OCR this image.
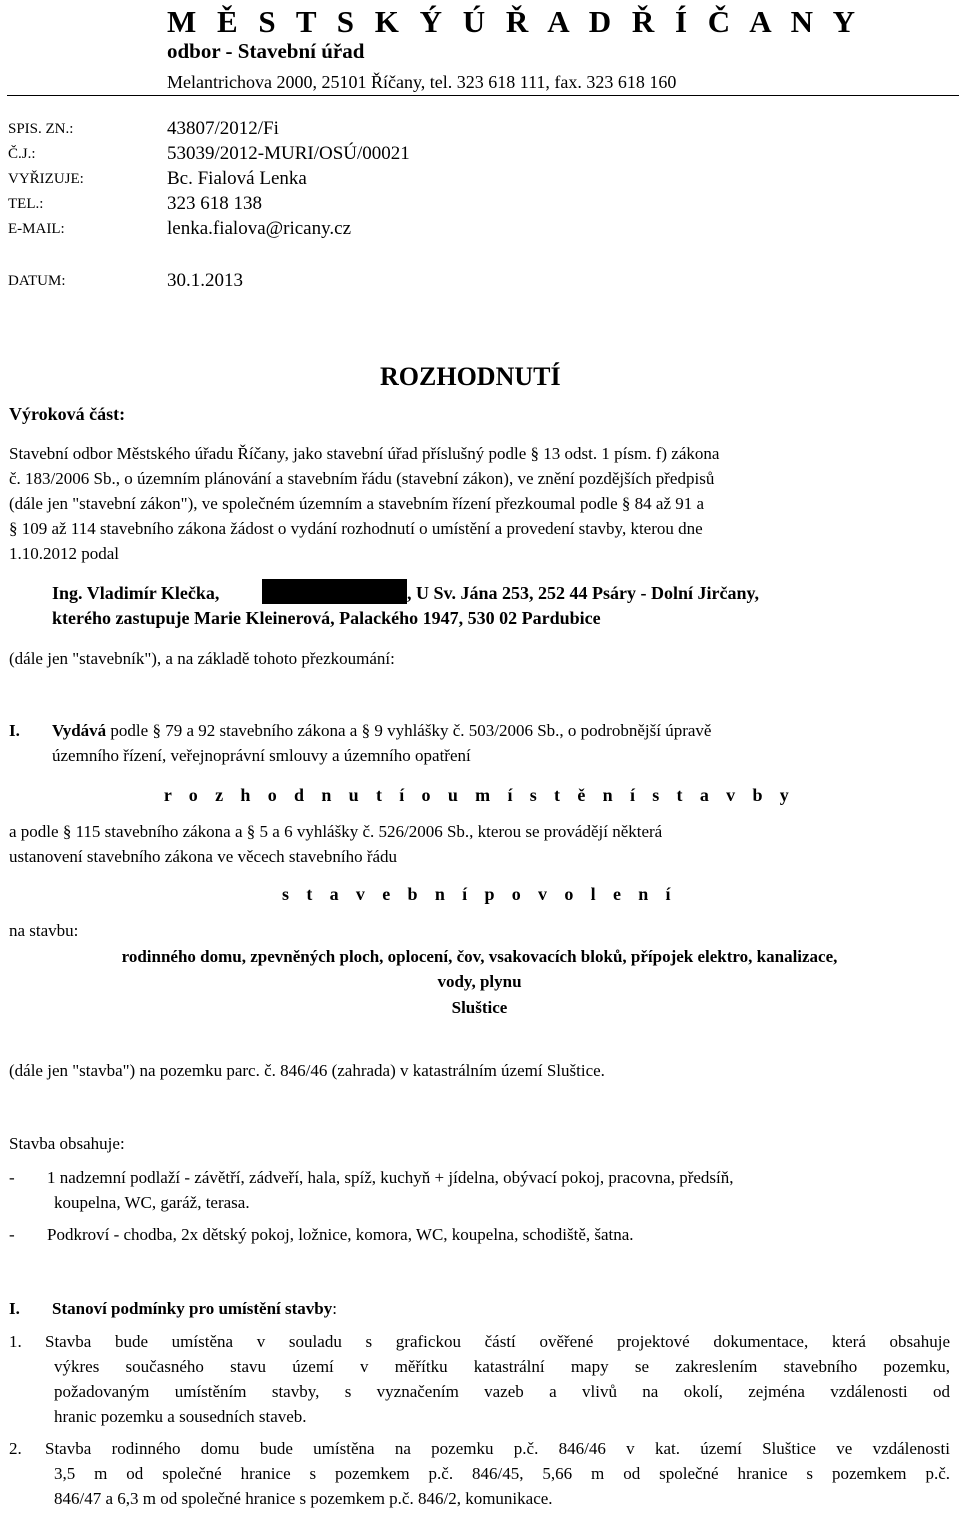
M Ě S T S K Ý Ú Ř A D Ř Í Č A N Y
odbor - Stavební úřad
Melantrichova 2000, 25101 Říčany, tel. 323 618 111, fax. 323 618 160
SPIS. ZN.:	43807/2012/Fi
Č.J.:	53039/2012-MURI/OSÚ/00021
VYŘIZUJE:	Bc. Fialová Lenka
TEL.:	323 618 138
E-MAIL:	lenka.fialova@ricany.cz
DATUM:	30.1.2013
ROZHODNUTÍ
Výroková část:
Stavební odbor Městského úřadu Říčany, jako stavební úřad příslušný podle § 13 odst. 1 písm. f) zákona
č. 183/2006 Sb., o územním plánování a stavebním řádu (stavební zákon), ve znění pozdějších předpisů
(dále jen "stavební zákon"), ve společném územním a stavebním řízení přezkoumal podle § 84 až 91 a
§ 109 až 114 stavebního zákona žádost o vydání rozhodnutí o umístění a provedení stavby, kterou dne
1.10.2012 podal
Ing. Vladimír Klečka,	, U Sv. Jána 253, 252 44 Psáry - Dolní Jirčany,
kterého zastupuje Marie Kleinerová, Palackého 1947, 530 02 Pardubice
(dále jen "stavebník"), a na základě tohoto přezkoumání:
I. Vydává podle § 79 a 92 stavebního zákona a § 9 vyhlášky č. 503/2006 Sb., o podrobnější úpravě
územního řízení, veřejnoprávní smlouvy a územního opatření
r o z h o d n u t í o u m í s t ě n í s t a v b y
a podle § 115 stavebního zákona a § 5 a 6 vyhlášky č. 526/2006 Sb., kterou se provádějí některá
ustanovení stavebního zákona ve věcech stavebního řádu
s t a v e b n í p o v o l e n í
na stavbu:
rodinného domu, zpevněných ploch, oplocení, čov, vsakovacích bloků, přípojek elektro, kanalizace,
vody, plynu
Sluštice
(dále jen "stavba") na pozemku parc. č. 846/46 (zahrada) v katastrálním území Sluštice.
Stavba obsahuje:
- 1 nadzemní podlaží - závětří, zádveří, hala, spíž, kuchyň + jídelna, obývací pokoj, pracovna, předsíň,
koupelna, WC, garáž, terasa.
- Podkroví - chodba, 2x dětský pokoj, ložnice, komora, WC, koupelna, schodiště, šatna.
I. Stanoví podmínky pro umístění stavby:
1. Stavba bude umístěna v souladu s grafickou částí ověřené projektové dokumentace, která obsahuje
výkres současného stavu území v měřítku katastrální mapy se zakreslením stavebního pozemku,
požadovaným umístěním stavby, s vyznačením vazeb a vlivů na okolí, zejména vzdálenosti od
hranic pozemku a sousedních staveb.
2. Stavba rodinného domu bude umístěna na pozemku p.č. 846/46 v kat. území Sluštice ve vzdálenosti
3,5 m od společné hranice s pozemkem p.č. 846/45, 5,66 m od společné hranice s pozemkem p.č.
846/47 a 6,3 m od společné hranice s pozemkem p.č. 846/2, komunikace.
